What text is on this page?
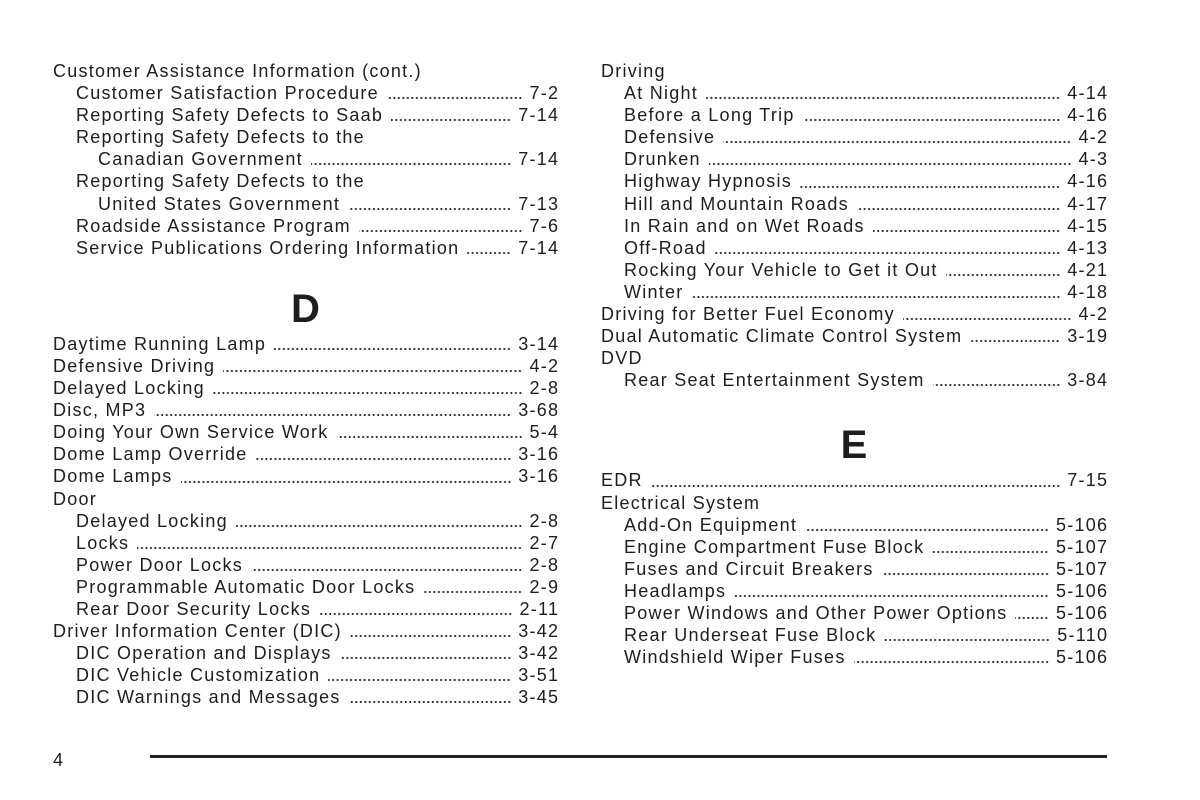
Customer Assistance Information (cont.)
Customer Satisfaction Procedure	7-2
Reporting Safety Defects to Saab	7-14
Reporting Safety Defects to the
Canadian Government	7-14
Reporting Safety Defects to the
United States Government	7-13
Roadside Assistance Program	7-6
Service Publications Ordering Information	7-14
D
Daytime Running Lamp	3-14
Defensive Driving	4-2
Delayed Locking	2-8
Disc, MP3	3-68
Doing Your Own Service Work	5-4
Dome Lamp Override	3-16
Dome Lamps	3-16
Door
Delayed Locking	2-8
Locks	2-7
Power Door Locks	2-8
Programmable Automatic Door Locks	2-9
Rear Door Security Locks	2-11
Driver Information Center (DIC)	3-42
DIC Operation and Displays	3-42
DIC Vehicle Customization	3-51
DIC Warnings and Messages	3-45
Driving
At Night	4-14
Before a Long Trip	4-16
Defensive	4-2
Drunken	4-3
Highway Hypnosis	4-16
Hill and Mountain Roads	4-17
In Rain and on Wet Roads	4-15
Off-Road	4-13
Rocking Your Vehicle to Get it Out	4-21
Winter	4-18
Driving for Better Fuel Economy	4-2
Dual Automatic Climate Control System	3-19
DVD
Rear Seat Entertainment System	3-84
E
EDR	7-15
Electrical System
Add-On Equipment	5-106
Engine Compartment Fuse Block	5-107
Fuses and Circuit Breakers	5-107
Headlamps	5-106
Power Windows and Other Power Options	5-106
Rear Underseat Fuse Block	5-110
Windshield Wiper Fuses	5-106
4
